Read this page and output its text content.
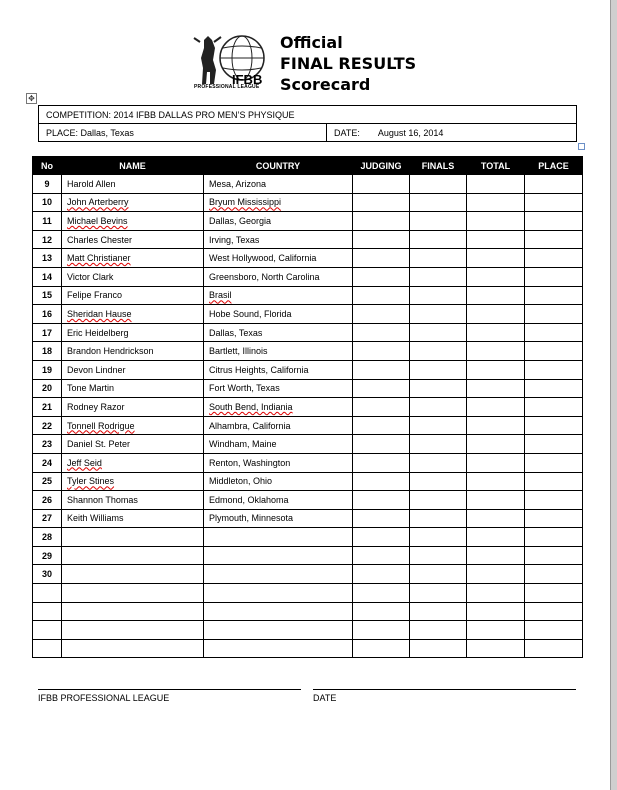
IFBB
PROFESSIONAL LEAGUE
Official
FINAL RESULTS
Scorecard
✥
COMPETITION: 2014 IFBB DALLAS PRO MEN’S PHYSIQUE
PLACE: Dallas, Texas	DATE: August 16, 2014
No	NAME	COUNTRY	JUDGING	FINALS	TOTAL	PLACE
9	Harold Allen	Mesa, Arizona				
10	John Arterberry	Bryum Mississippi				
11	Michael Bevins	Dallas, Georgia				
12	Charles Chester	Irving, Texas				
13	Matt Christianer	West Hollywood, California				
14	Victor Clark	Greensboro, North Carolina				
15	Felipe Franco	Brasil				
16	Sheridan Hause	Hobe Sound, Florida				
17	Eric Heidelberg	Dallas, Texas				
18	Brandon Hendrickson	Bartlett, Illinois				
19	Devon Lindner	Citrus Heights, California				
20	Tone Martin	Fort Worth, Texas				
21	Rodney Razor	South Bend, Indiania				
22	Tonnell Rodrigue	Alhambra, California				
23	Daniel St. Peter	Windham, Maine				
24	Jeff Seid	Renton, Washington				
25	Tyler Stines	Middleton, Ohio				
26	Shannon Thomas	Edmond, Oklahoma				
27	Keith Williams	Plymouth, Minnesota				
28						
29						
30						

IFBB PROFESSIONAL LEAGUE	DATE
